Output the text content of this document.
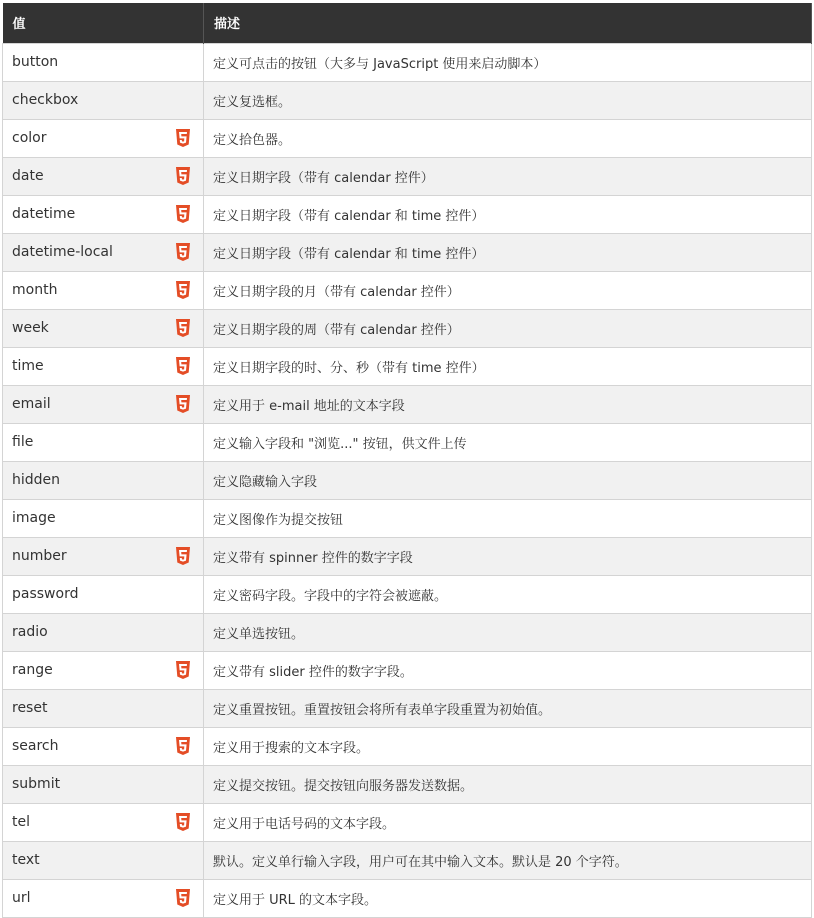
值	描述
button	定义可点击的按钮（大多与 JavaScript 使用来启动脚本）
checkbox	定义复选框。
color	定义拾色器。
date	定义日期字段（带有 calendar 控件）
datetime	定义日期字段（带有 calendar 和 time 控件）
datetime-local	定义日期字段（带有 calendar 和 time 控件）
month	定义日期字段的月（带有 calendar 控件）
week	定义日期字段的周（带有 calendar 控件）
time	定义日期字段的时、分、秒（带有 time 控件）
email	定义用于 e-mail 地址的文本字段
file	定义输入字段和 "浏览..." 按钮，供文件上传
hidden	定义隐藏输入字段
image	定义图像作为提交按钮
number	定义带有 spinner 控件的数字字段
password	定义密码字段。字段中的字符会被遮蔽。
radio	定义单选按钮。
range	定义带有 slider 控件的数字字段。
reset	定义重置按钮。重置按钮会将所有表单字段重置为初始值。
search	定义用于搜索的文本字段。
submit	定义提交按钮。提交按钮向服务器发送数据。
tel	定义用于电话号码的文本字段。
text	默认。定义单行输入字段，用户可在其中输入文本。默认是 20 个字符。
url	定义用于 URL 的文本字段。
